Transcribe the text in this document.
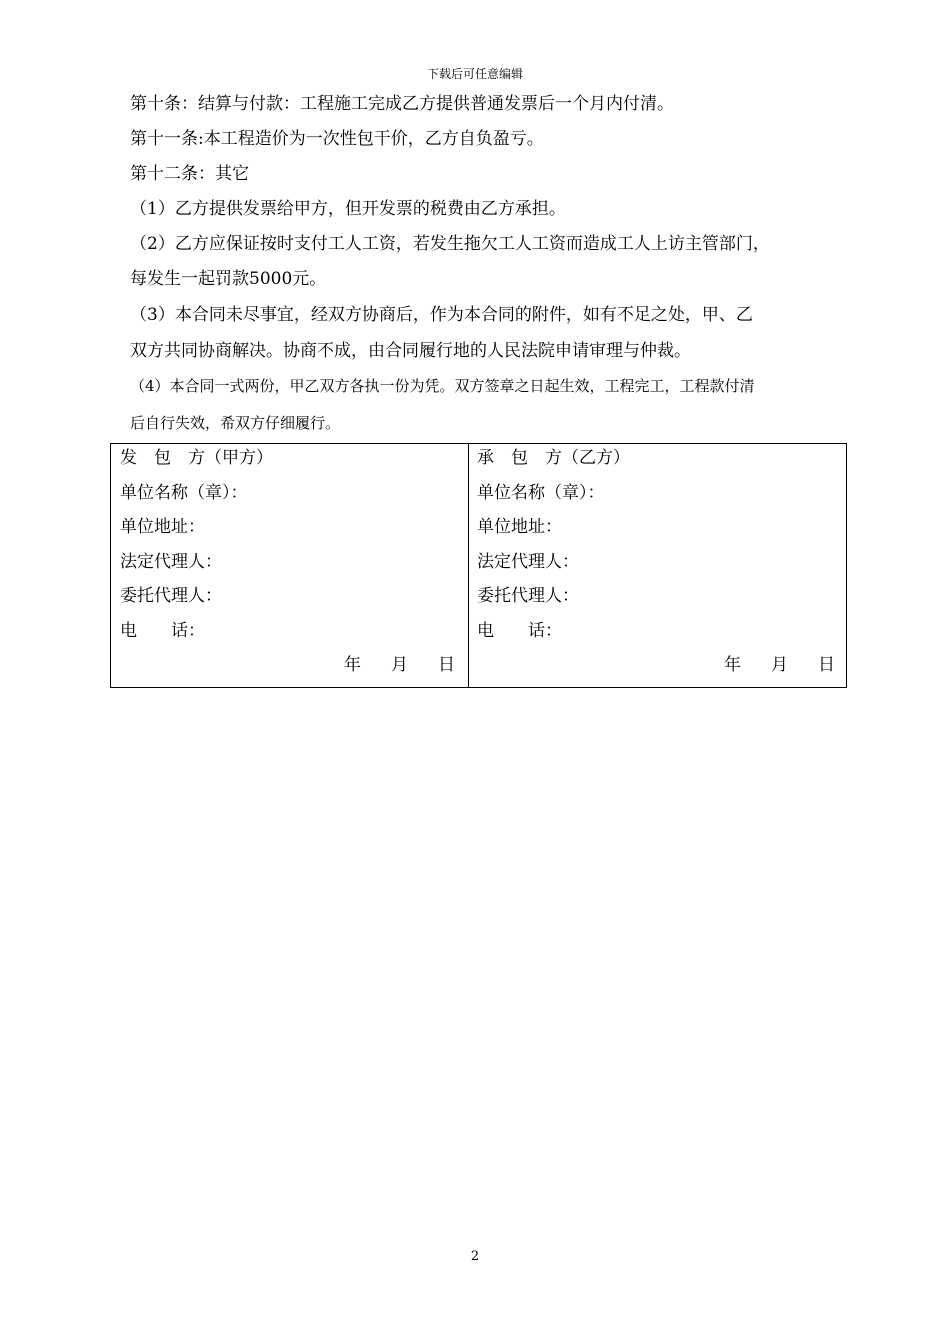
下载后可任意编辑
第十条：结算与付款：工程施工完成乙方提供普通发票后一个月内付清。
第十一条:本工程造价为一次性包干价，乙方自负盈亏。
第十二条：其它
（1）乙方提供发票给甲方，但开发票的税费由乙方承担。
（2）乙方应保证按时支付工人工资，若发生拖欠工人工资而造成工人上访主管部门，
每发生一起罚款5000元。
（3）本合同未尽事宜，经双方协商后，作为本合同的附件，如有不足之处，甲、乙
双方共同协商解决。协商不成，由合同履行地的人民法院申请审理与仲裁。
（4）本合同一式两份，甲乙双方各执一份为凭。双方签章之日起生效，工程完工，工程款付清
后自行失效，希双方仔细履行。
发　包　方（甲方）
单位名称（章）：
单位地址：
法定代理人：
委托代理人：
电　　话：
年 月 日
承　包　方（乙方）
单位名称（章）：
单位地址：
法定代理人：
委托代理人：
电　　话：
年 月 日
2
